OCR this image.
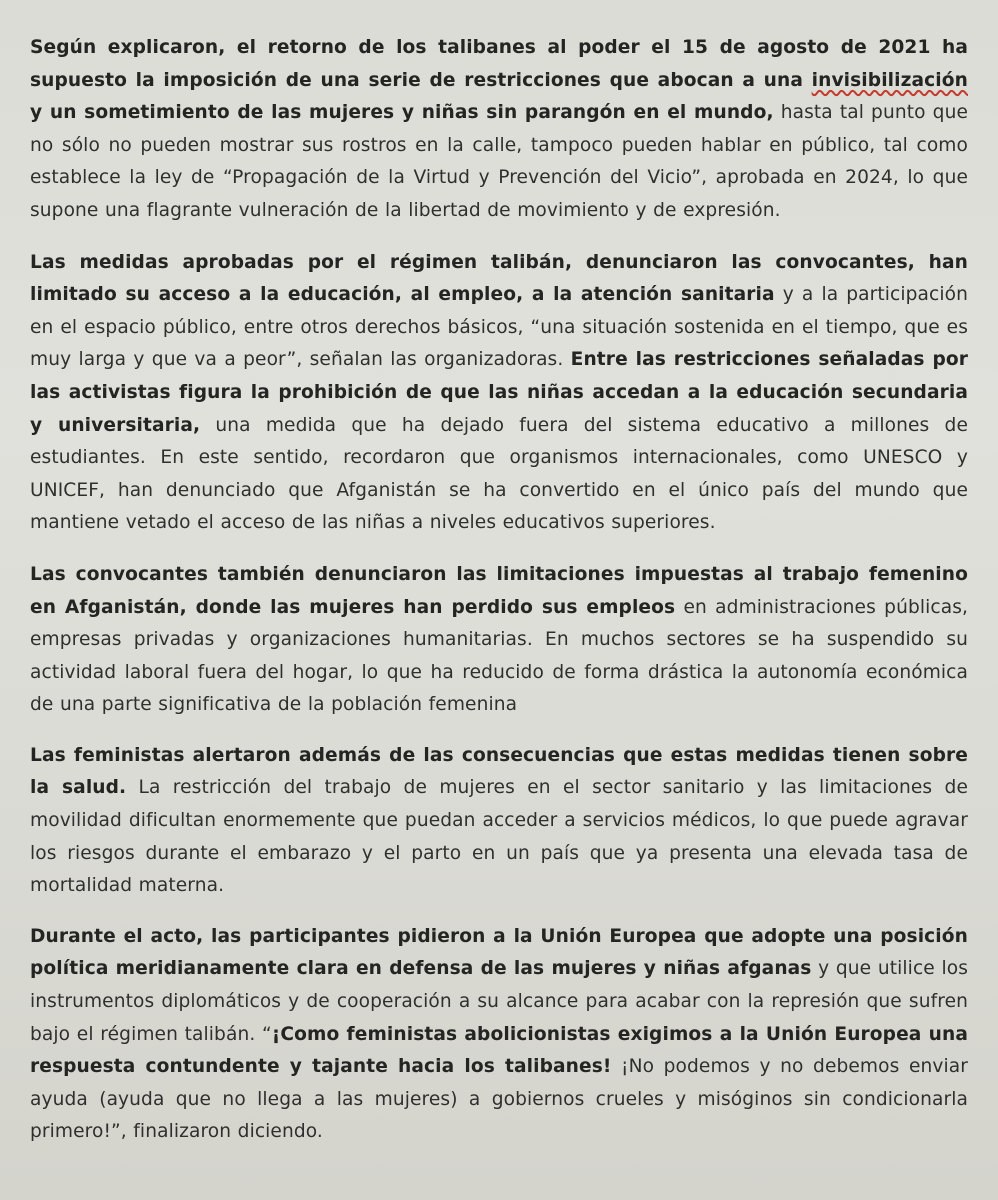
Según explicaron, el retorno de los talibanes al poder el 15 de agosto de 2021 ha supuesto la imposición de una serie de restricciones que abocan a una invisibilización y un sometimiento de las mujeres y niñas sin parangón en el mundo, hasta tal punto que no sólo no pueden mostrar sus rostros en la calle, tampoco pueden hablar en público, tal como establece la ley de “Propagación de la Virtud y Prevención del Vicio”, aprobada en 2024, lo que supone una flagrante vulneración de la libertad de movimiento y de expresión.

Las medidas aprobadas por el régimen talibán, denunciaron las convocantes, han limitado su acceso a la educación, al empleo, a la atención sanitaria y a la participación en el espacio público, entre otros derechos básicos, “una situación sostenida en el tiempo, que es muy larga y que va a peor”, señalan las organizadoras. Entre las restricciones señaladas por las activistas figura la prohibición de que las niñas accedan a la educación secundaria y universitaria, una medida que ha dejado fuera del sistema educativo a millones de estudiantes. En este sentido, recordaron que organismos internacionales, como UNESCO y UNICEF, han denunciado que Afganistán se ha convertido en el único país del mundo que mantiene vetado el acceso de las niñas a niveles educativos superiores.

Las convocantes también denunciaron las limitaciones impuestas al trabajo femenino en Afganistán, donde las mujeres han perdido sus empleos en administraciones públicas, empresas privadas y organizaciones humanitarias. En muchos sectores se ha suspendido su actividad laboral fuera del hogar, lo que ha reducido de forma drástica la autonomía económica de una parte significativa de la población femenina

Las feministas alertaron además de las consecuencias que estas medidas tienen sobre la salud. La restricción del trabajo de mujeres en el sector sanitario y las limitaciones de movilidad dificultan enormemente que puedan acceder a servicios médicos, lo que puede agravar los riesgos durante el embarazo y el parto en un país que ya presenta una elevada tasa de mortalidad materna.

Durante el acto, las participantes pidieron a la Unión Europea que adopte una posición política meridianamente clara en defensa de las mujeres y niñas afganas y que utilice los instrumentos diplomáticos y de cooperación a su alcance para acabar con la represión que sufren bajo el régimen talibán. “¡Como feministas abolicionistas exigimos a la Unión Europea una respuesta contundente y tajante hacia los talibanes! ¡No podemos y no debemos enviar ayuda (ayuda que no llega a las mujeres) a gobiernos crueles y misóginos sin condicionarla primero!”, finalizaron diciendo.
